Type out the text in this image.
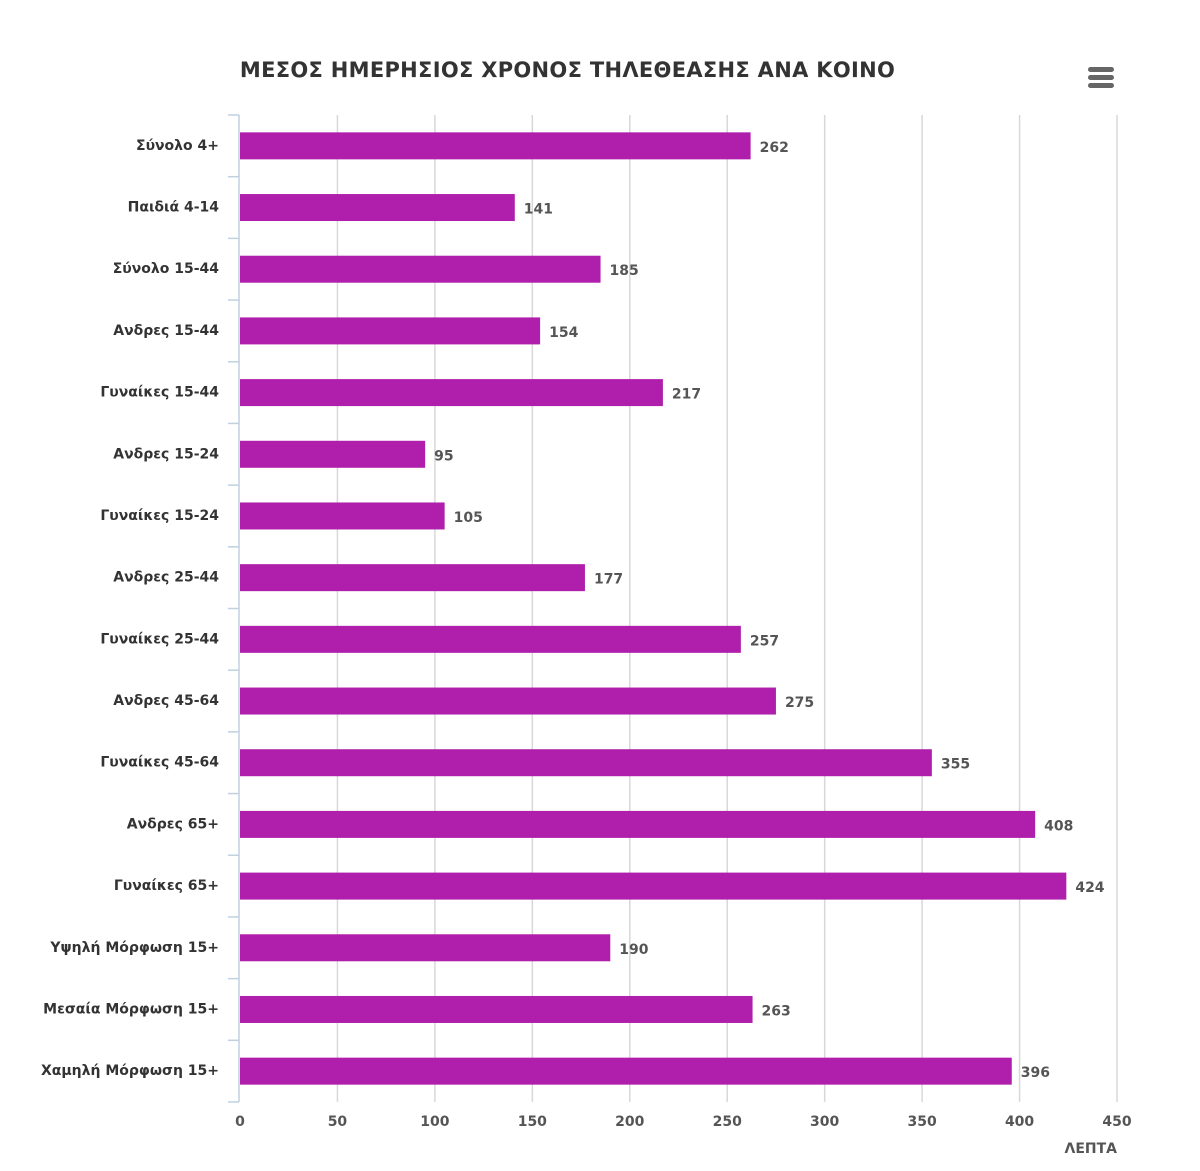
ΜΕΣΟΣ ΗΜΕΡΗΣΙΟΣ ΧΡΟΝΟΣ ΤΗΛΕΘΕΑΣΗΣ ΑΝΑ ΚΟΙΝΟ
262
141
185
154
217
95
105
177
257
275
355
408
424
190
263
396
Σύνολο 4+
Παιδιά 4-14
Σύνολο 15-44
Ανδρες 15-44
Γυναίκες 15-44
Ανδρες 15-24
Γυναίκες 15-24
Ανδρες 25-44
Γυναίκες 25-44
Ανδρες 45-64
Γυναίκες 45-64
Ανδρες 65+
Γυναίκες 65+
Υψηλή Μόρφωση 15+
Μεσαία Μόρφωση 15+
Χαμηλή Μόρφωση 15+
0	50	100	150	200	250	300	350	400	450
ΛΕΠΤΑ
